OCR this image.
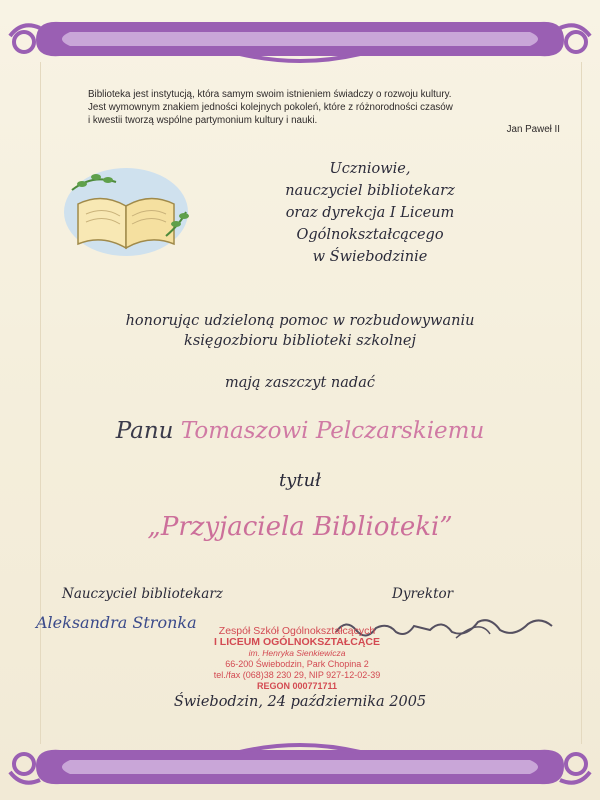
Biblioteka jest instytucją, która samym swoim istnieniem świadczy o rozwoju kultury.

Jest wymownym znakiem jedności kolejnych pokoleń, które z różnorodności czasów

i kwestii tworzą wspólne partymonium kultury i nauki.

Jan Paweł II
Uczniowie,
nauczyciel bibliotekarz
oraz dyrekcja I Liceum
Ogólnokształcącego
w Świebodzinie
honorując udzieloną pomoc w rozbudowywaniu
księgozbioru biblioteki szkolnej
mają zaszczyt nadać
Panu Tomaszowi Pelczarskiemu
tytuł
„Przyjaciela Biblioteki”
Nauczyciel bibliotekarz	Dyrektor
Aleksandra Stronka	Zespół Szkół Ogólnokształcących
I LICEUM OGÓLNOKSZTAŁCĄCE
im. Henryka Sienkiewicza
66-200 Świebodzin, Park Chopina 2
tel./fax (068)38 230 29, NIP 927-12-02-39
REGON 000771711
Świebodzin, 24 października 2005
